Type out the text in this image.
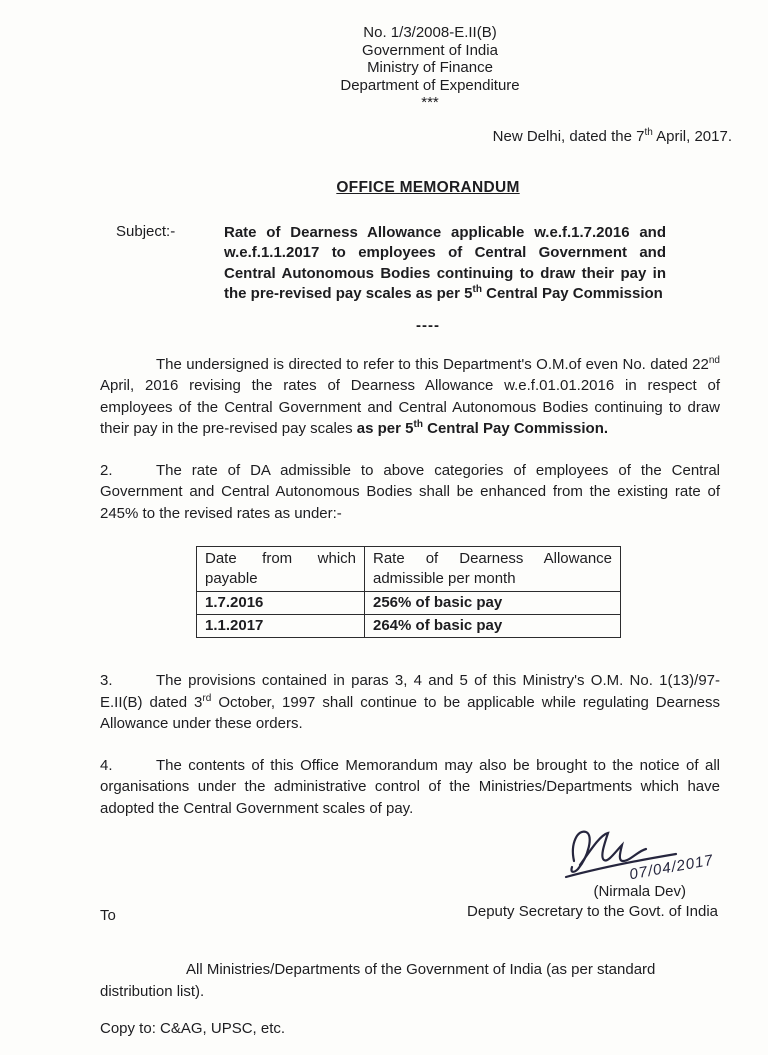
No. 1/3/2008-E.II(B)
Government of India
Ministry of Finance
Department of Expenditure
***
New Delhi, dated the 7th April, 2017.
OFFICE MEMORANDUM
Subject:-	Rate of Dearness Allowance applicable w.e.f.1.7.2016 and w.e.f.1.1.2017 to employees of Central Government and Central Autonomous Bodies continuing to draw their pay in the pre-revised pay scales as per 5th Central Pay Commission
----

The undersigned is directed to refer to this Department's O.M.of even No. dated 22nd April, 2016 revising the rates of Dearness Allowance w.e.f.01.01.2016 in respect of employees of the Central Government and Central Autonomous Bodies continuing to draw their pay in the pre-revised pay scales as per 5th Central Pay Commission.

2.	The rate of DA admissible to above categories of employees of the Central Government and Central Autonomous Bodies shall be enhanced from the existing rate of 245% to the revised rates as under:-

Date from which payable	Rate of Dearness Allowance admissible per month
1.7.2016	256% of basic pay
1.1.2017	264% of basic pay

3.	The provisions contained in paras 3, 4 and 5 of this Ministry's O.M. No. 1(13)/97-E.II(B) dated 3rd October, 1997 shall continue to be applicable while regulating Dearness Allowance under these orders.

4.	The contents of this Office Memorandum may also be brought to the notice of all organisations under the administrative control of the Ministries/Departments which have adopted the Central Government scales of pay.

07/04/2017
(Nirmala Dev)
Deputy Secretary to the Govt. of India
To

All Ministries/Departments of the Government of India (as per standard distribution list).

Copy to: C&AG, UPSC, etc.
